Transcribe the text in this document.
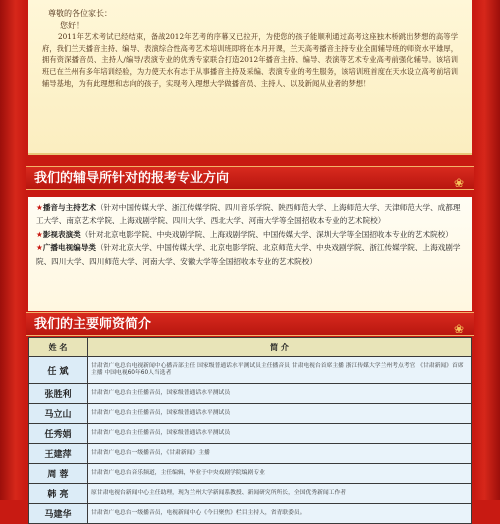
尊敬的各位家长：
您好！

2011年艺术考试已经结束，备战2012年艺考的序幕又已拉开，为使您的孩子能顺利通过高考这座独木桥跳出梦想的高等学府，我们兰天播音主持、编导、表演综合性高考艺术培训班即将在本月开课，兰天高考播音主持专业全面辅导班的师资水平雄厚，拥有资深播音员、主持人/编导/表演专业的优秀专家联合打造2012年播音主持、编导、表演等艺术专业高考前强化辅导。该培训班已在兰州有多年培训经验，为力使天水有志于从事播音主持及采编、表演专业的考生服务，该培训班首度在天水设立高考前培训辅导基地，为有此理想和志向的孩子，实现考入理想大学做播音员、主持人、以及新闻从业者的梦想！

我们的辅导所针对的报考专业方向	❀

★播音与主持艺术（针对中国传媒大学、浙江传媒学院、四川音乐学院、陕西师范大学、上海师范大学、天津师范大学、成都理工大学、南京艺术学院、上海戏剧学院、四川大学、西北大学、河南大学等全国招收本专业的艺术院校）

★影视表演类（针对北京电影学院、中央戏剧学院、上海戏剧学院、中国传媒大学、深圳大学等全国招收本专业的艺术院校）

★广播电视编导类（针对北京大学、中国传媒大学、北京电影学院、北京师范大学、中央戏剧学院、浙江传媒学院、上海戏剧学院、四川大学、四川师范大学、河南大学、安徽大学等全国招收本专业的艺术院校）

我们的主要师资简介	❀
姓 名	简 介
任 斌	甘肃省广电总台电视新闻中心播音部主任 国家级普通话水平测试员主任播音员 甘肃电视台首席主播 浙江传媒大学兰州考点考官 《甘肃新闻》首席主播 中国电视60年60人当选者
张胜利	甘肃省广电总台主任播音员，国家级普通话水平测试员
马立山	甘肃省广电总台主任播音员，国家级普通话水平测试员
任秀娟	甘肃省广电总台主任播音员，国家级普通话水平测试员
王建萍	甘肃省广电总台一级播音员，《甘肃新闻》主播
周 蓉	甘肃省广电总台音乐频道，主任编辑，毕业于中央戏剧学院编剧专业
韩 亮	原甘肃电视台新闻中心主任助理，现为兰州大学新闻系教授、新闻研究所所长，全国优秀新闻工作者
马建华	甘肃省广电总台一级播音员，电视新闻中心《今日聚焦》栏目主持人，省青联委员。
